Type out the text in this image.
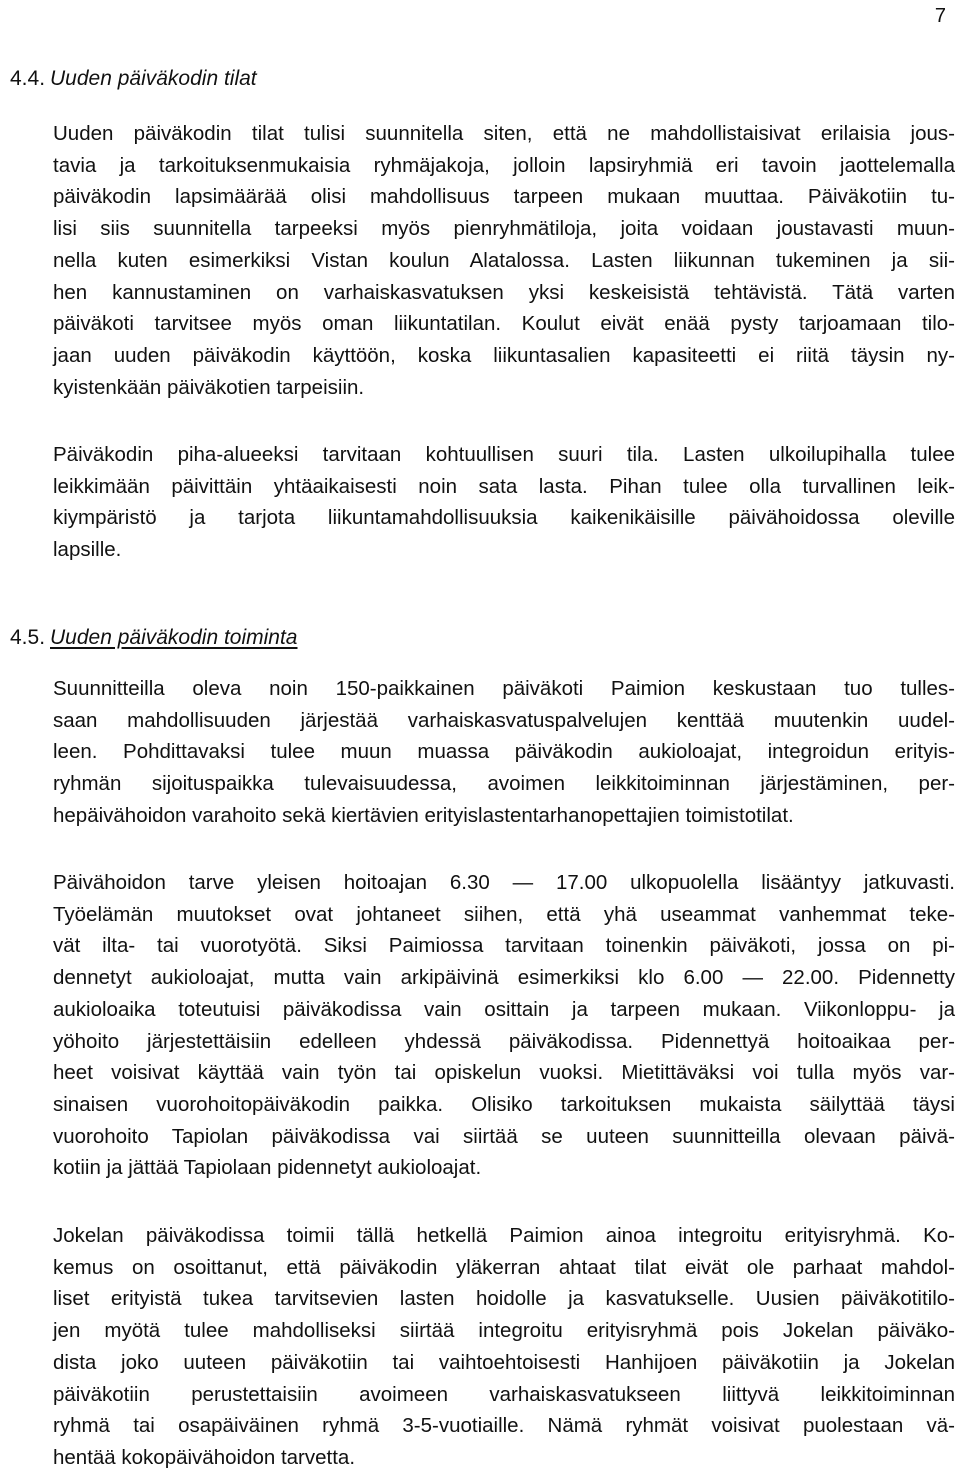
7
4.4. Uuden päiväkodin tilat
Uuden päiväkodin tilat tulisi suunnitella siten, että ne mahdollistaisivat erilaisia jous-
tavia ja tarkoituksenmukaisia ryhmäjakoja, jolloin lapsiryhmiä eri tavoin jaottelemalla
päiväkodin lapsimäärää olisi mahdollisuus tarpeen mukaan muuttaa. Päiväkotiin tu-
lisi siis suunnitella tarpeeksi myös pienryhmätiloja, joita voidaan joustavasti muun-
nella kuten esimerkiksi Vistan koulun Alatalossa. Lasten liikunnan tukeminen ja sii-
hen kannustaminen on varhaiskasvatuksen yksi keskeisistä tehtävistä. Tätä varten
päiväkoti tarvitsee myös oman liikuntatilan. Koulut eivät enää pysty tarjoamaan tilo-
jaan uuden päiväkodin käyttöön, koska liikuntasalien kapasiteetti ei riitä täysin ny-
kyistenkään päiväkotien tarpeisiin.
Päiväkodin piha-alueeksi tarvitaan kohtuullisen suuri tila. Lasten ulkoilupihalla tulee
leikkimään päivittäin yhtäaikaisesti noin sata lasta. Pihan tulee olla turvallinen leik-
kiympäristö ja tarjota liikuntamahdollisuuksia kaikenikäisille päivähoidossa oleville
lapsille.
4.5. Uuden päiväkodin toiminta
Suunnitteilla oleva noin 150-paikkainen päiväkoti Paimion keskustaan tuo tulles-
saan mahdollisuuden järjestää varhaiskasvatuspalvelujen kenttää muutenkin uudel-
leen. Pohdittavaksi tulee muun muassa päiväkodin aukioloajat, integroidun erityis-
ryhmän sijoituspaikka tulevaisuudessa, avoimen leikkitoiminnan järjestäminen, per-
hepäivähoidon varahoito sekä kiertävien erityislastentarhanopettajien toimistotilat.
Päivähoidon tarve yleisen hoitoajan 6.30 — 17.00 ulkopuolella lisääntyy jatkuvasti.
Työelämän muutokset ovat johtaneet siihen, että yhä useammat vanhemmat teke-
vät ilta- tai vuorotyötä. Siksi Paimiossa tarvitaan toinenkin päiväkoti, jossa on pi-
dennetyt aukioloajat, mutta vain arkipäivinä esimerkiksi klo 6.00 — 22.00. Pidennetty
aukioloaika toteutuisi päiväkodissa vain osittain ja tarpeen mukaan. Viikonloppu- ja
yöhoito järjestettäisiin edelleen yhdessä päiväkodissa. Pidennettyä hoitoaikaa per-
heet voisivat käyttää vain työn tai opiskelun vuoksi. Mietittäväksi voi tulla myös var-
sinaisen vuorohoitopäiväkodin paikka. Olisiko tarkoituksen mukaista säilyttää täysi
vuorohoito Tapiolan päiväkodissa vai siirtää se uuteen suunnitteilla olevaan päivä-
kotiin ja jättää Tapiolaan pidennetyt aukioloajat.
Jokelan päiväkodissa toimii tällä hetkellä Paimion ainoa integroitu erityisryhmä. Ko-
kemus on osoittanut, että päiväkodin yläkerran ahtaat tilat eivät ole parhaat mahdol-
liset erityistä tukea tarvitsevien lasten hoidolle ja kasvatukselle. Uusien päiväkotitilo-
jen myötä tulee mahdolliseksi siirtää integroitu erityisryhmä pois Jokelan päiväko-
dista joko uuteen päiväkotiin tai vaihtoehtoisesti Hanhijoen päiväkotiin ja Jokelan
päiväkotiin perustettaisiin avoimeen varhaiskasvatukseen liittyvä leikkitoiminnan
ryhmä tai osapäiväinen ryhmä 3-5-vuotiaille. Nämä ryhmät voisivat puolestaan vä-
hentää kokopäivähoidon tarvetta.
